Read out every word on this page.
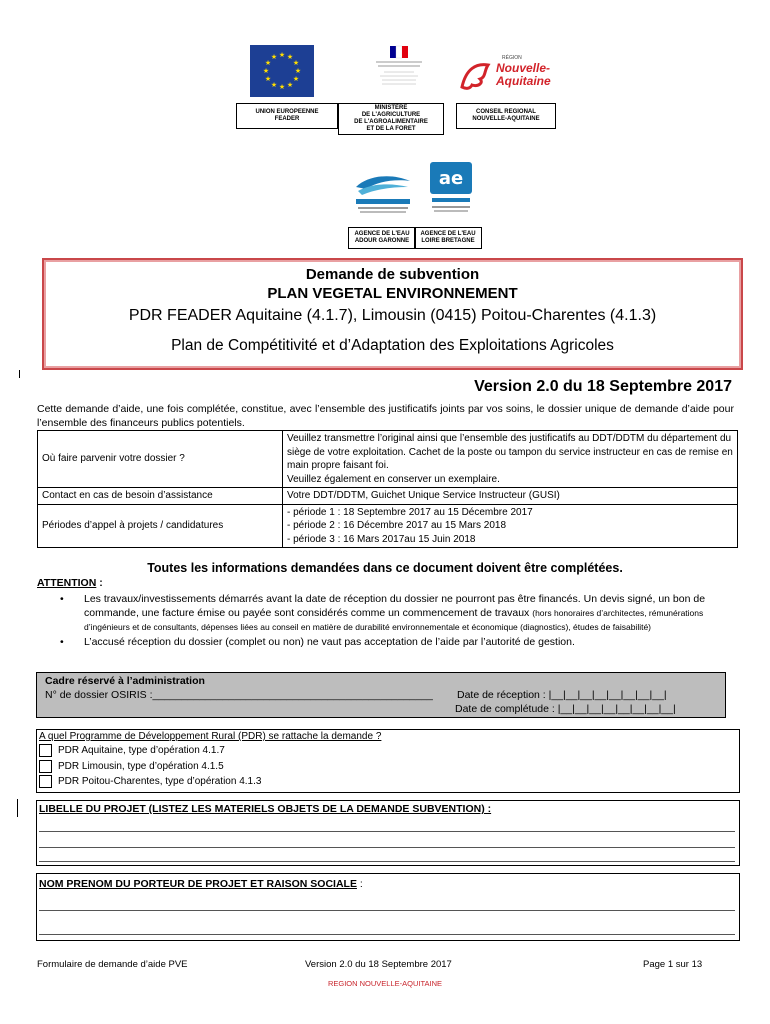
★ ★
★
★
★
★
★
★
★
★
★
★	RÉGION
Nouvelle-
Aquitaine
UNION EUROPEENNE
FEADER
MINISTÈRE
DE L'AGRICULTURE
DE L'AGROALIMENTAIRE
ET DE LA FORET
CONSEIL REGIONAL
NOUVELLE-AQUITAINE
ae
AGENCE DE L'EAU
ADOUR GARONNE
AGENCE DE L'EAU
LOIRE BRETAGNE
Demande de subvention
PLAN VEGETAL ENVIRONNEMENT
PDR FEADER Aquitaine (4.1.7), Limousin (0415) Poitou-Charentes (4.1.3)
Plan de Compétitivité et d’Adaptation des Exploitations Agricoles
Version 2.0 du 18 Septembre 2017
Cette demande d’aide, une fois complétée, constitue, avec l’ensemble des justificatifs joints par vos soins, le dossier unique de demande d’aide pour l’ensemble des financeurs publics potentiels.
Où faire parvenir votre dossier ?	Veuillez transmettre l’original ainsi que l’ensemble des justificatifs au DDT/DDTM du département du siège de votre exploitation. Cachet de la poste ou tampon du service instructeur en cas de remise en main propre faisant foi.
Veuillez également en conserver un exemplaire.

Contact en cas de besoin d’assistance	Votre DDT/DDTM, Guichet Unique Service Instructeur (GUSI)
Périodes d’appel à projets / candidatures	- période 1 : 18 Septembre 2017 au 15 Décembre 2017
- période 2 : 16 Décembre 2017 au 15 Mars 2018
- période 3 : 16 Mars 2017au 15 Juin 2018
Toutes les informations demandées dans ce document doivent être complétées.
ATTENTION :
• Les travaux/investissements démarrés avant la date de réception du dossier ne pourront pas être financés. Un devis signé, un bon de commande, une facture émise ou payée sont considérés comme un commencement de travaux (hors honoraires d’architectes, rémunérations d’ingénieurs et de consultants, dépenses liées au conseil en matière de durabilité environnementale et économique (diagnostics), études de faisabilité)
• L’accusé réception du dossier (complet ou non) ne vaut pas acceptation de l’aide par l’autorité de gestion.
Cadre réservé à l’administration
N° de dossier OSIRIS :________________________________________________ Date de réception : |__|__|__|__|__|__|__|__|
Date de complétude : |__|__|__|__|__|__|__|__|
A quel Programme de Développement Rural (PDR) se rattache la demande ?
PDR Aquitaine, type d’opération 4.1.7
PDR Limousin, type d’opération 4.1.5
PDR Poitou-Charentes, type d’opération 4.1.3
LIBELLE DU PROJET (LISTEZ LES MATERIELS OBJETS DE LA DEMANDE SUBVENTION) :
NOM PRENOM DU PORTEUR DE PROJET ET RAISON SOCIALE :
Formulaire de demande d’aide PVE	Version 2.0 du 18 Septembre 2017	Page 1 sur 13
REGION NOUVELLE-AQUITAINE
